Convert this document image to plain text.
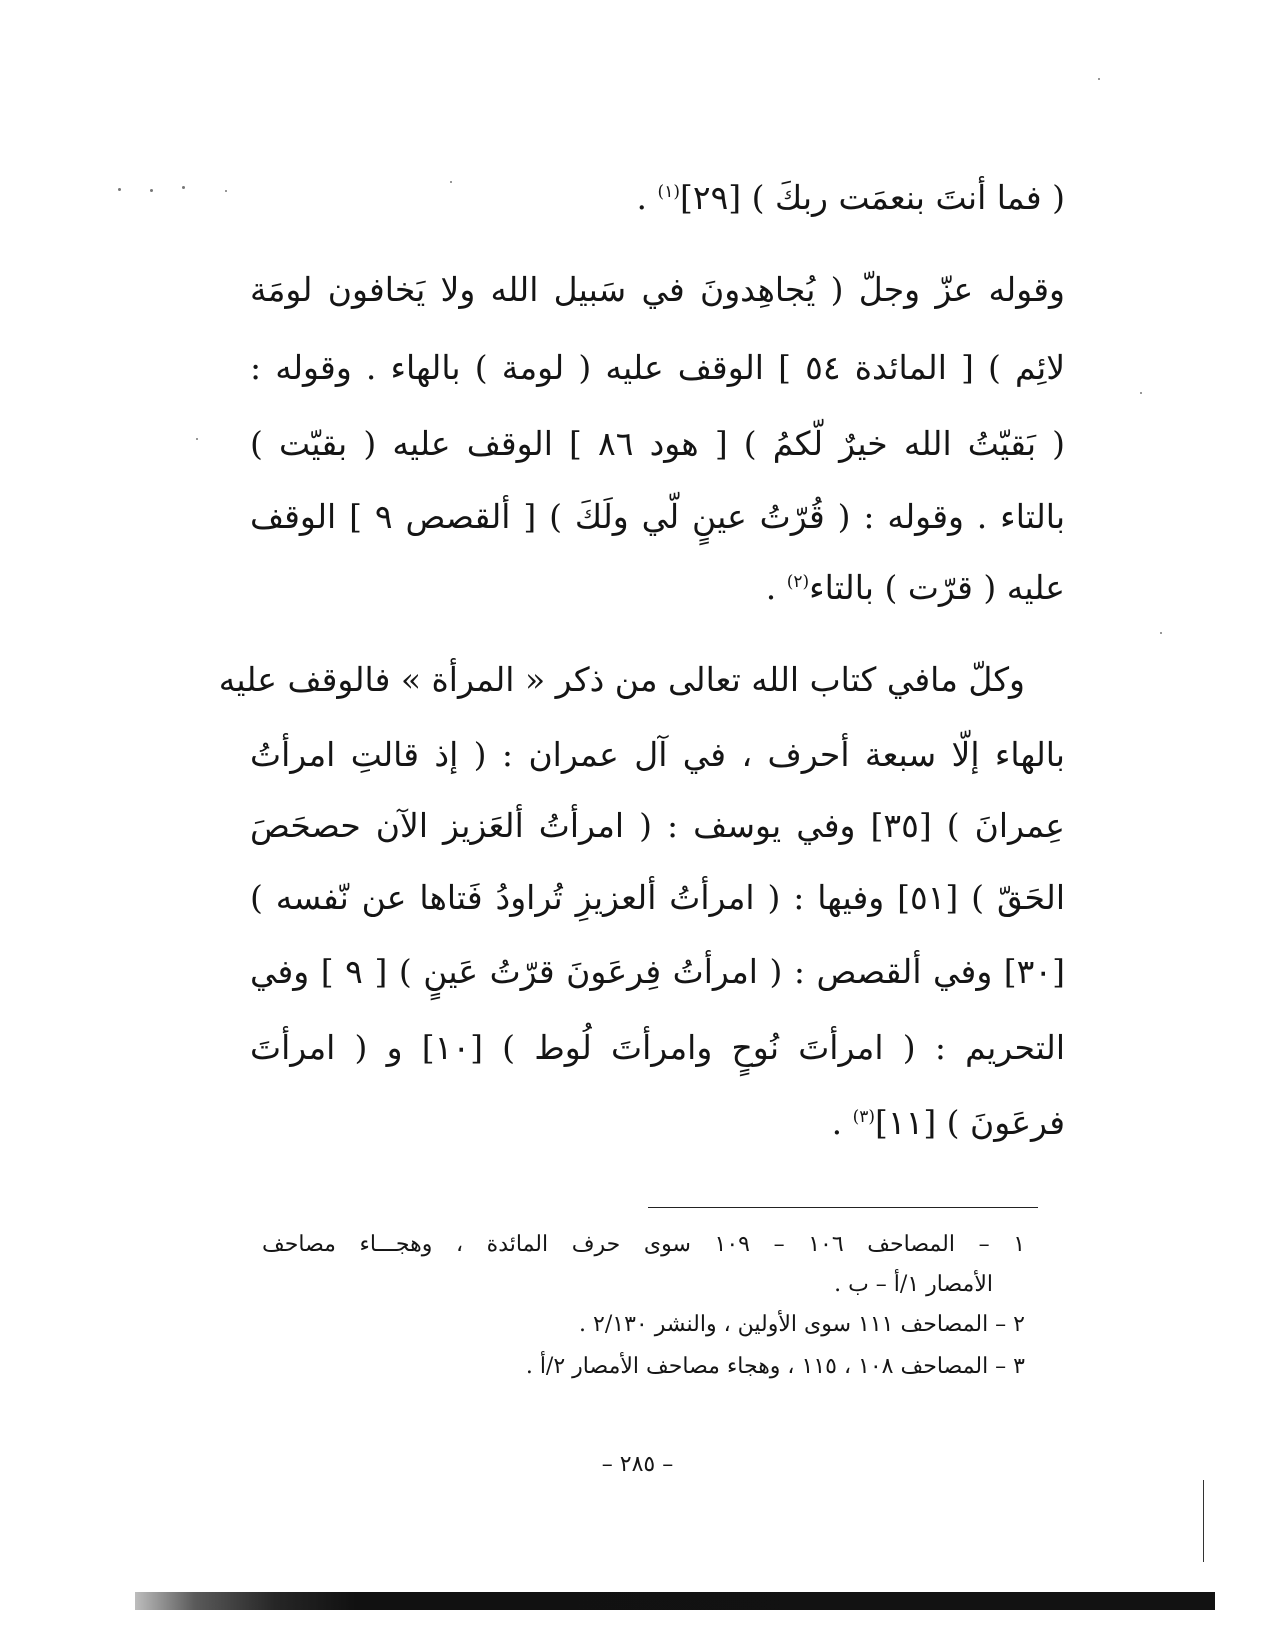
( فما أنتَ بنعمَت ربكَ ) [٢٩]$^{(١)}$ .
وقوله عزّ وجلّ ( يُجاهِدونَ في سَبيل الله ولا يَخافون لومَة
لائِم ) [ المائدة ٥٤ ] الوقف عليه ( لومة ) بالهاء . وقوله :
( بَقيّتُ الله خيرٌ لّكمُ ) [ هود ٨٦ ] الوقف عليه ( بقيّت )
بالتاء . وقوله : ( قُرّتُ عينٍ لّي ولَكَ ) [ ألقصص ٩ ] الوقف
عليه ( قرّت ) بالتاء$^{(٢)}$ .
وكلّ مافي كتاب الله تعالى من ذكر « المرأة » فالوقف عليه
بالهاء إلّا سبعة أحرف ، في آل عمران : ( إذ قالتِ امرأتُ
عِمرانَ ) [٣٥] وفي يوسف : ( امرأتُ ألعَزيز الآن حصحَصَ
الحَقّ ) [٥١] وفيها : ( امرأتُ ألعزيزِ تُراودُ فَتاها عن نّفسه )
[٣٠] وفي ألقصص : ( امرأتُ فِرعَونَ قرّتُ عَينٍ ) [ ٩ ] وفي
التحريم : ( امرأتَ نُوحٍ وامرأتَ لُوط ) [١٠] و ( امرأتَ
فرعَونَ ) [١١]$^{(٣)}$ .
١ – المصاحف ١٠٦ – ١٠٩ سوى حرف المائدة ، وهجـــاء مصاحف
الأمصار ١/أ – ب .
٢ – المصاحف ١١١ سوى الأولين ، والنشر ٢/١٣٠ .
٣ – المصاحف ١٠٨ ، ١١٥ ، وهجاء مصاحف الأمصار ٢/أ .
– ٢٨٥ –
